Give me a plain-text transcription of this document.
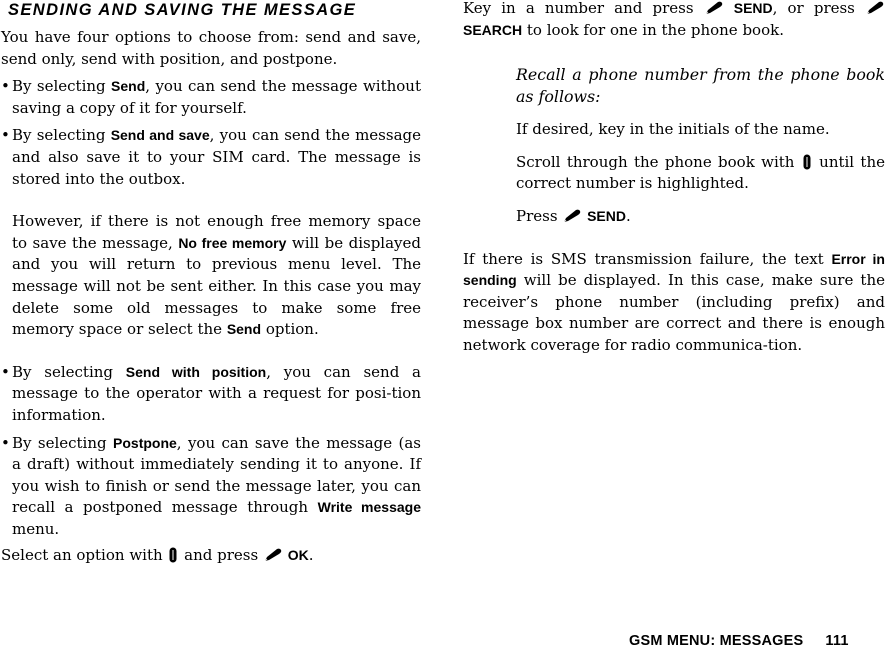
SENDING AND SAVING THE MESSAGE

You have four options to choose from: send and save, send only, send with position, and postpone.

• By selecting Send, you can send the message without saving a copy of it for yourself.

• By selecting Send and save, you can send the message and also save it to your SIM card. The message is stored into the outbox.

However, if there is not enough free memory space to save the message, No free memory will be displayed and you will return to previous menu level. The message will not be sent either. In this case you may delete some old messages to make some free memory space or select the Send option.

• By selecting Send with position, you can send a message to the operator with a request for posi-tion information.

• By selecting Postpone, you can save the message (as a draft) without immediately sending it to anyone. If you wish to finish or send the message later, you can recall a postponed message through Write message menu.

Select an option with
and press
OK.

Key in a number and press
SEND, or press
SEARCH to look for one in the phone book.

Recall a phone number from the phone book as follows:

If desired, key in the initials of the name.

Scroll through the phone book with
until the correct number is highlighted.

Press
SEND.

If there is SMS transmission failure, the text Error in sending will be displayed. In this case, make sure the receiver’s phone number (including prefix) and message box number are correct and there is enough network coverage for radio communica-tion.

GSM MENU: MESSAGES 111
